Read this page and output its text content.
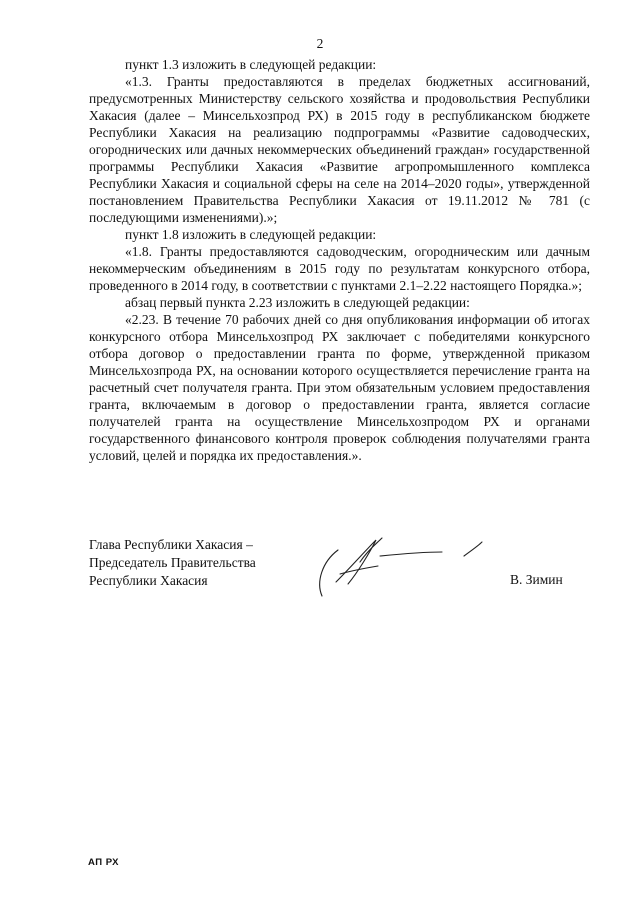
2

пункт 1.3 изложить в следующей редакции:

«1.3. Гранты предоставляются в пределах бюджетных ассигнований, предусмотренных Министерству сельского хозяйства и продовольствия Республики Хакасия (далее – Минсельхозпрод РХ) в 2015 году в республиканском бюджете Республики Хакасия на реализацию подпрограммы «Развитие садоводческих, огороднических или дачных некоммерческих объединений граждан» государственной программы Республики Хакасия «Развитие агропромышленного комплекса Республики Хакасия и социальной сферы на селе на 2014–2020 годы», утвержденной постановлением Правительства Республики Хакасия от 19.11.2012 № 781 (с последующими изменениями).»;

пункт 1.8 изложить в следующей редакции:

«1.8. Гранты предоставляются садоводческим, огородническим или дачным некоммерческим объединениям в 2015 году по результатам конкурсного отбора, проведенного в 2014 году, в соответствии с пунктами 2.1–2.22 настоящего Порядка.»;

абзац первый пункта 2.23 изложить в следующей редакции:

«2.23. В течение 70 рабочих дней со дня опубликования информации об итогах конкурсного отбора Минсельхозпрод РХ заключает с победителями конкурсного отбора договор о предоставлении гранта по форме, утвержденной приказом Минсельхозпрода РХ, на основании которого осуществляется перечисление гранта на расчетный счет получателя гранта. При этом обязательным условием предоставления гранта, включаемым в договор о предоставлении гранта, является согласие получателей гранта на осуществление Минсельхозпродом РХ и органами государственного финансового контроля проверок соблюдения получателями гранта условий, целей и порядка их предоставления.».

Глава Республики Хакасия –
Председатель Правительства
Республики Хакасия	В. Зимин
АП РХ
